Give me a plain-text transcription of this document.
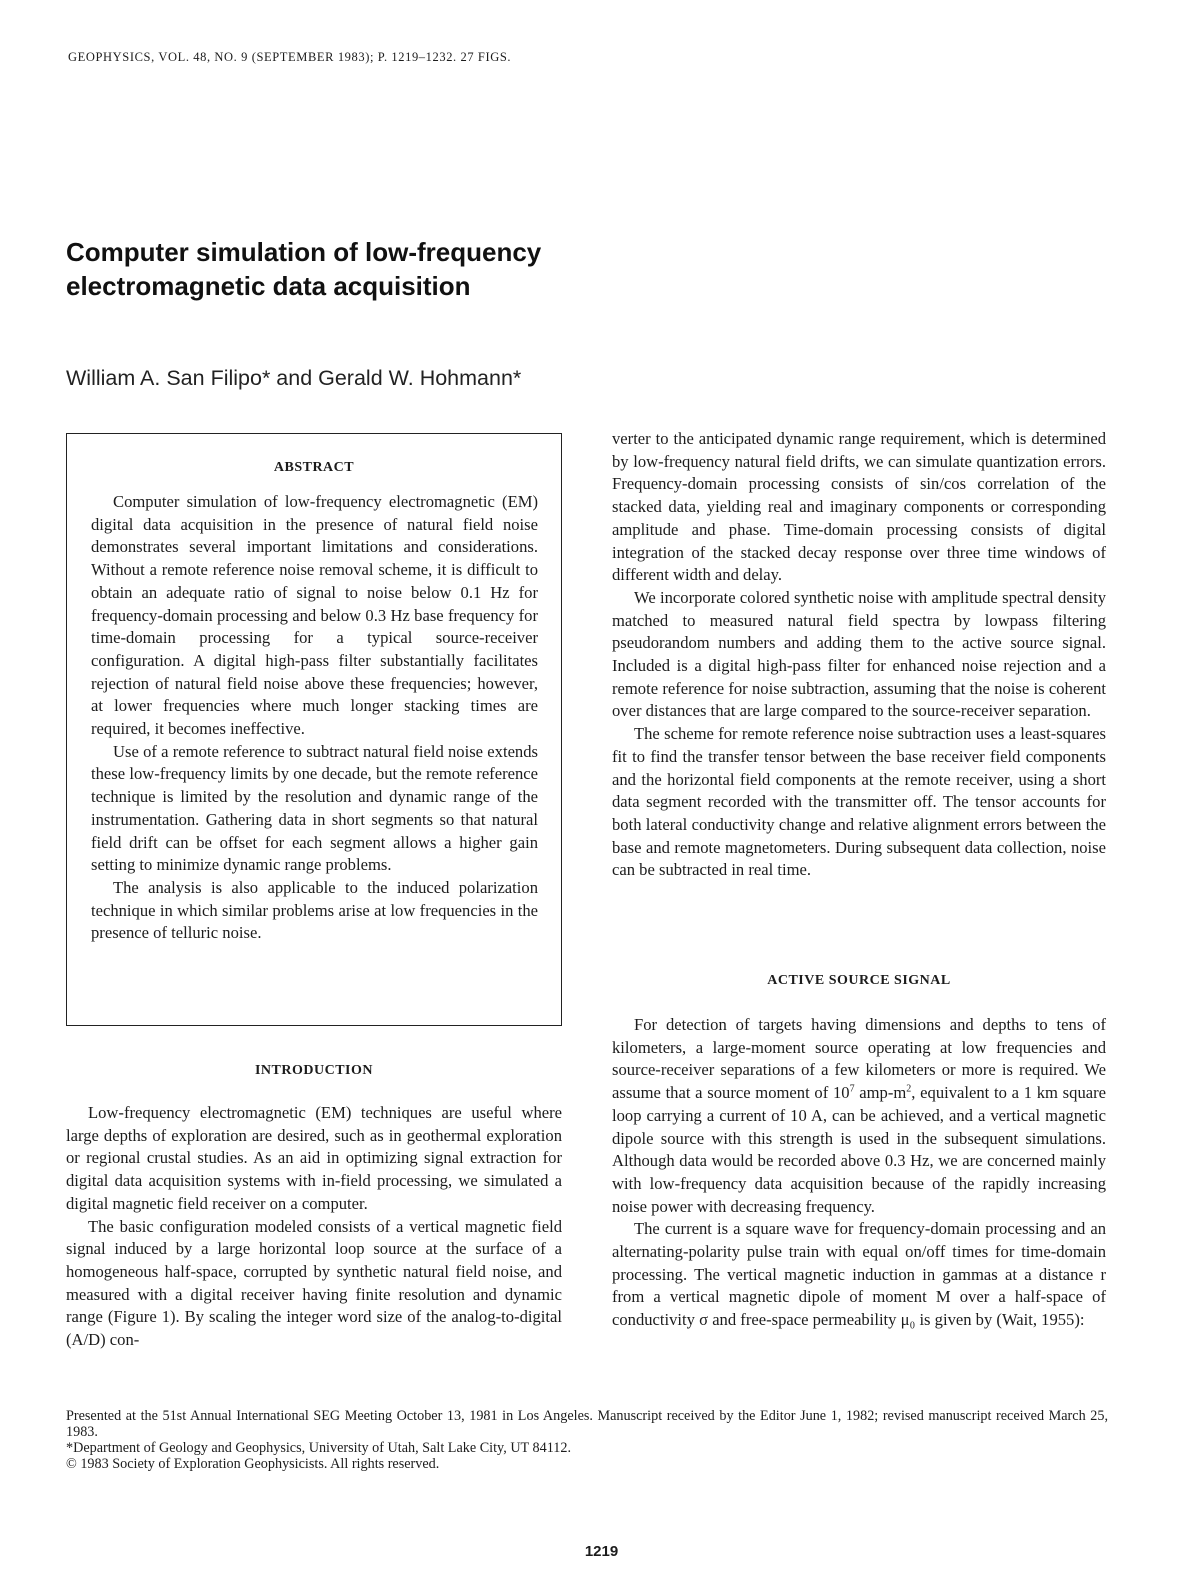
GEOPHYSICS, VOL. 48, NO. 9 (SEPTEMBER 1983); P. 1219–1232. 27 FIGS.
Computer simulation of low-frequency electromagnetic data acquisition
William A. San Filipo* and Gerald W. Hohmann*
ABSTRACT

Computer simulation of low-frequency electromagnetic (EM) digital data acquisition in the presence of natural field noise demonstrates several important limitations and considerations. Without a remote reference noise removal scheme, it is difficult to obtain an adequate ratio of signal to noise below 0.1 Hz for frequency-domain processing and below 0.3 Hz base frequency for time-domain processing for a typical source-receiver configuration. A digital high-pass filter substantially facilitates rejection of natural field noise above these frequencies; however, at lower frequencies where much longer stacking times are required, it becomes ineffective.

Use of a remote reference to subtract natural field noise extends these low-frequency limits by one decade, but the remote reference technique is limited by the resolution and dynamic range of the instrumentation. Gathering data in short segments so that natural field drift can be offset for each segment allows a higher gain setting to minimize dynamic range problems.

The analysis is also applicable to the induced polarization technique in which similar problems arise at low frequencies in the presence of telluric noise.

INTRODUCTION

Low-frequency electromagnetic (EM) techniques are useful where large depths of exploration are desired, such as in geothermal exploration or regional crustal studies. As an aid in optimizing signal extraction for digital data acquisition systems with in-field processing, we simulated a digital magnetic field receiver on a computer.

The basic configuration modeled consists of a vertical magnetic field signal induced by a large horizontal loop source at the surface of a homogeneous half-space, corrupted by synthetic natural field noise, and measured with a digital receiver having finite resolution and dynamic range (Figure 1). By scaling the integer word size of the analog-to-digital (A/D) con-

verter to the anticipated dynamic range requirement, which is determined by low-frequency natural field drifts, we can simulate quantization errors. Frequency-domain processing consists of sin/cos correlation of the stacked data, yielding real and imaginary components or corresponding amplitude and phase. Time-domain processing consists of digital integration of the stacked decay response over three time windows of different width and delay.

We incorporate colored synthetic noise with amplitude spectral density matched to measured natural field spectra by lowpass filtering pseudorandom numbers and adding them to the active source signal. Included is a digital high-pass filter for enhanced noise rejection and a remote reference for noise subtraction, assuming that the noise is coherent over distances that are large compared to the source-receiver separation.

The scheme for remote reference noise subtraction uses a least-squares fit to find the transfer tensor between the base receiver field components and the horizontal field components at the remote receiver, using a short data segment recorded with the transmitter off. The tensor accounts for both lateral conductivity change and relative alignment errors between the base and remote magnetometers. During subsequent data collection, noise can be subtracted in real time.

ACTIVE SOURCE SIGNAL

For detection of targets having dimensions and depths to tens of kilometers, a large-moment source operating at low frequencies and source-receiver separations of a few kilometers or more is required. We assume that a source moment of $10^7$ amp-$m^2$, equivalent to a 1 km square loop carrying a current of 10 A, can be achieved, and a vertical magnetic dipole source with this strength is used in the subsequent simulations. Although data would be recorded above 0.3 Hz, we are concerned mainly with low-frequency data acquisition because of the rapidly increasing noise power with decreasing frequency.

The current is a square wave for frequency-domain processing and an alternating-polarity pulse train with equal on/off times for time-domain processing. The vertical magnetic induction in gammas at a distance r from a vertical magnetic dipole of moment M over a half-space of conductivity σ and free-space permeability μ₀ is given by (Wait, 1955):

Presented at the 51st Annual International SEG Meeting October 13, 1981 in Los Angeles. Manuscript received by the Editor June 1, 1982; revised manuscript received March 25, 1983.

*Department of Geology and Geophysics, University of Utah, Salt Lake City, UT 84112.

© 1983 Society of Exploration Geophysicists. All rights reserved.

1219
